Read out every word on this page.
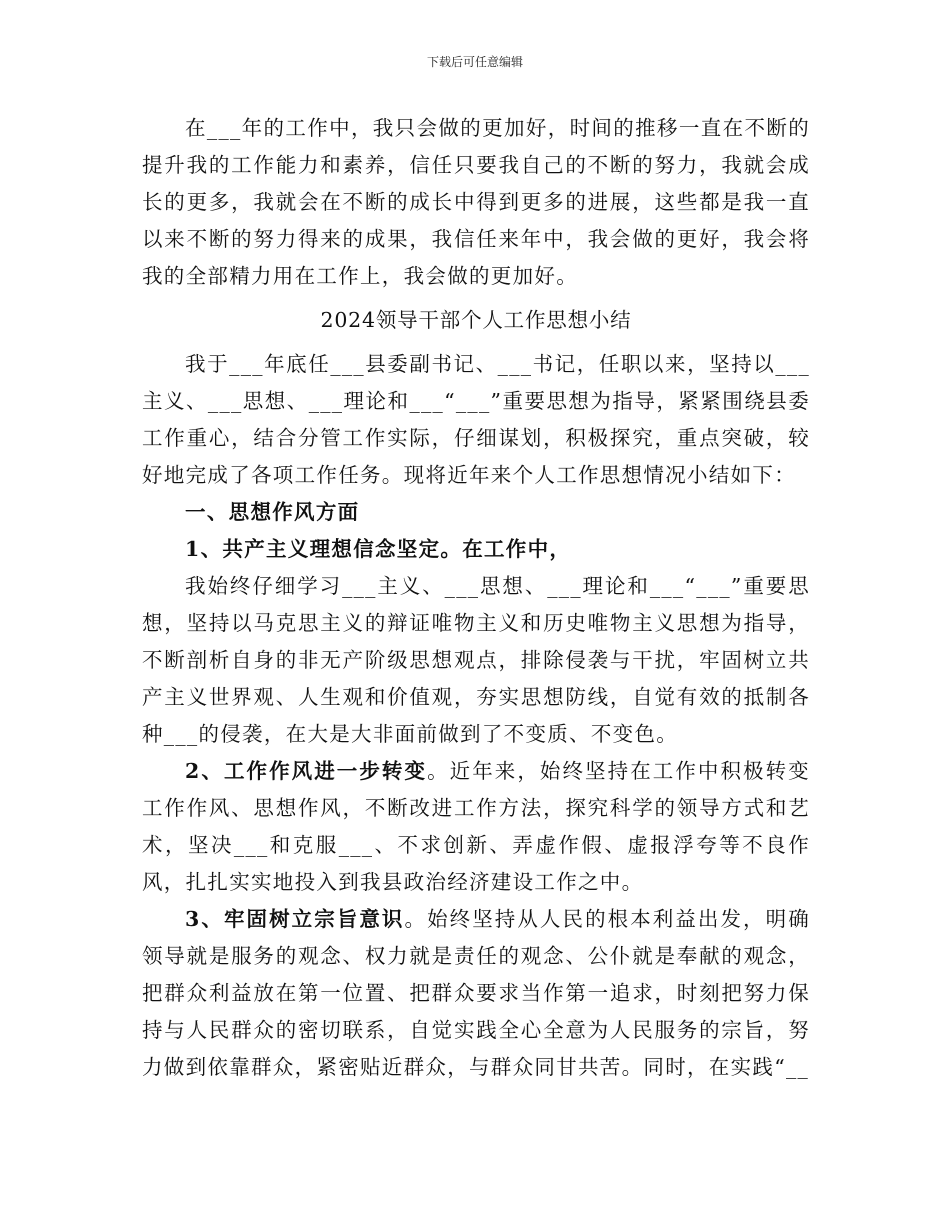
下载后可任意编辑

在___年的工作中，我只会做的更加好，时间的推移一直在不断的提升我的工作能力和素养，信任只要我自己的不断的努力，我就会成长的更多，我就会在不断的成长中得到更多的进展，这些都是我一直以来不断的努力得来的成果，我信任来年中，我会做的更好，我会将我的全部精力用在工作上，我会做的更加好。

2024领导干部个人工作思想小结

我于___年底任___县委副书记、___书记，任职以来，坚持以___主义、___思想、___理论和___“___”重要思想为指导，紧紧围绕县委工作重心，结合分管工作实际，仔细谋划，积极探究，重点突破，较好地完成了各项工作任务。现将近年来个人工作思想情况小结如下：

一、思想作风方面

1、共产主义理想信念坚定。在工作中，

我始终仔细学习___主义、___思想、___理论和___“___”重要思想，坚持以马克思主义的辩证唯物主义和历史唯物主义思想为指导，不断剖析自身的非无产阶级思想观点，排除侵袭与干扰，牢固树立共产主义世界观、人生观和价值观，夯实思想防线，自觉有效的抵制各种___的侵袭，在大是大非面前做到了不变质、不变色。

2、工作作风进一步转变。近年来，始终坚持在工作中积极转变工作作风、思想作风，不断改进工作方法，探究科学的领导方式和艺术，坚决___和克服___、不求创新、弄虚作假、虚报浮夸等不良作风，扎扎实实地投入到我县政治经济建设工作之中。

3、牢固树立宗旨意识。始终坚持从人民的根本利益出发，明确领导就是服务的观念、权力就是责任的观念、公仆就是奉献的观念，把群众利益放在第一位置、把群众要求当作第一追求，时刻把努力保持与人民群众的密切联系，自觉实践全心全意为人民服务的宗旨，努力做到依靠群众，紧密贴近群众，与群众同甘共苦。同时，在实践“__
